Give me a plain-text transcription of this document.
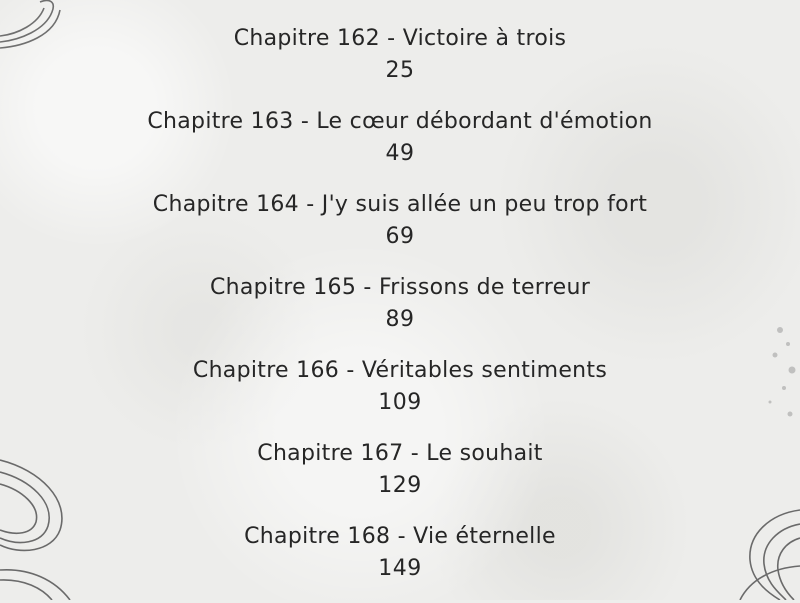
Chapitre 162 - Victoire à trois
25
Chapitre 163 - Le cœur débordant d'émotion
49
Chapitre 164 - J'y suis allée un peu trop fort
69
Chapitre 165 - Frissons de terreur
89
Chapitre 166 - Véritables sentiments
109
Chapitre 167 - Le souhait
129
Chapitre 168 - Vie éternelle
149
